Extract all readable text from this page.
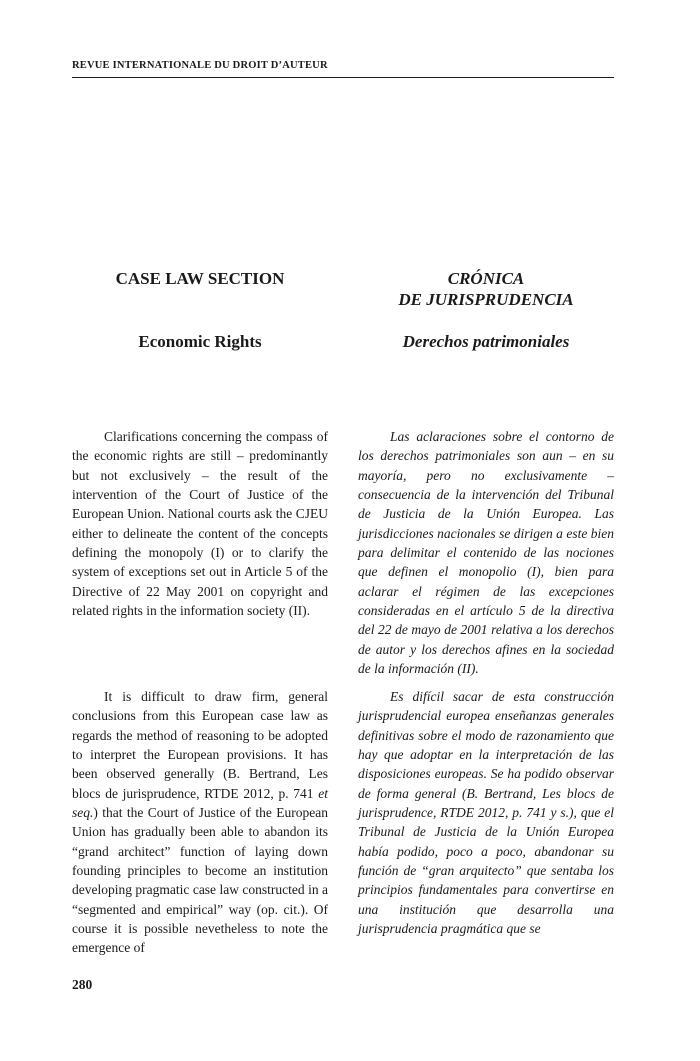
REVUE INTERNATIONALE DU DROIT D’AUTEUR
CASE LAW SECTION	CRÓNICA
DE JURISPRUDENCIA
Economic Rights	Derechos patrimoniales

Clarifications concerning the compass of the economic rights are still – predominantly but not exclusively – the result of the intervention of the Court of Justice of the European Union. National courts ask the CJEU either to delineate the content of the concepts defining the monopoly (I) or to clarify the system of exceptions set out in Article 5 of the Directive of 22 May 2001 on copyright and related rights in the information society (II).

Las aclaraciones sobre el contorno de los derechos patrimoniales son aun – en su mayoría, pero no exclusivamente – consecuencia de la intervención del Tribunal de Justicia de la Unión Europea. Las jurisdicciones nacionales se dirigen a este bien para delimitar el contenido de las nociones que definen el monopolio (I), bien para aclarar el régimen de las excepciones consideradas en el artículo 5 de la directiva del 22 de mayo de 2001 relativa a los derechos de autor y los derechos afines en la sociedad de la información (II).

It is difficult to draw firm, general conclusions from this European case law as regards the method of reasoning to be adopted to interpret the European provisions. It has been observed generally (B. Bertrand, Les blocs de jurisprudence, RTDE 2012, p. 741 et seq.) that the Court of Justice of the European Union has gradually been able to abandon its “grand architect” function of laying down founding principles to become an institution developing pragmatic case law constructed in a “segmented and empirical” way (op. cit.). Of course it is possible nevetheless to note the emergence of

Es difícil sacar de esta construcción jurisprudencial europea enseñanzas generales definitivas sobre el modo de razonamiento que hay que adoptar en la interpretación de las disposiciones europeas. Se ha podido observar de forma general (B. Bertrand, Les blocs de jurisprudence, RTDE 2012, p. 741 y s.), que el Tribunal de Justicia de la Unión Europea había podido, poco a poco, abandonar su función de “gran arquitecto” que sentaba los principios fundamentales para convertirse en una institución que desarrolla una jurisprudencia pragmática que se

280
